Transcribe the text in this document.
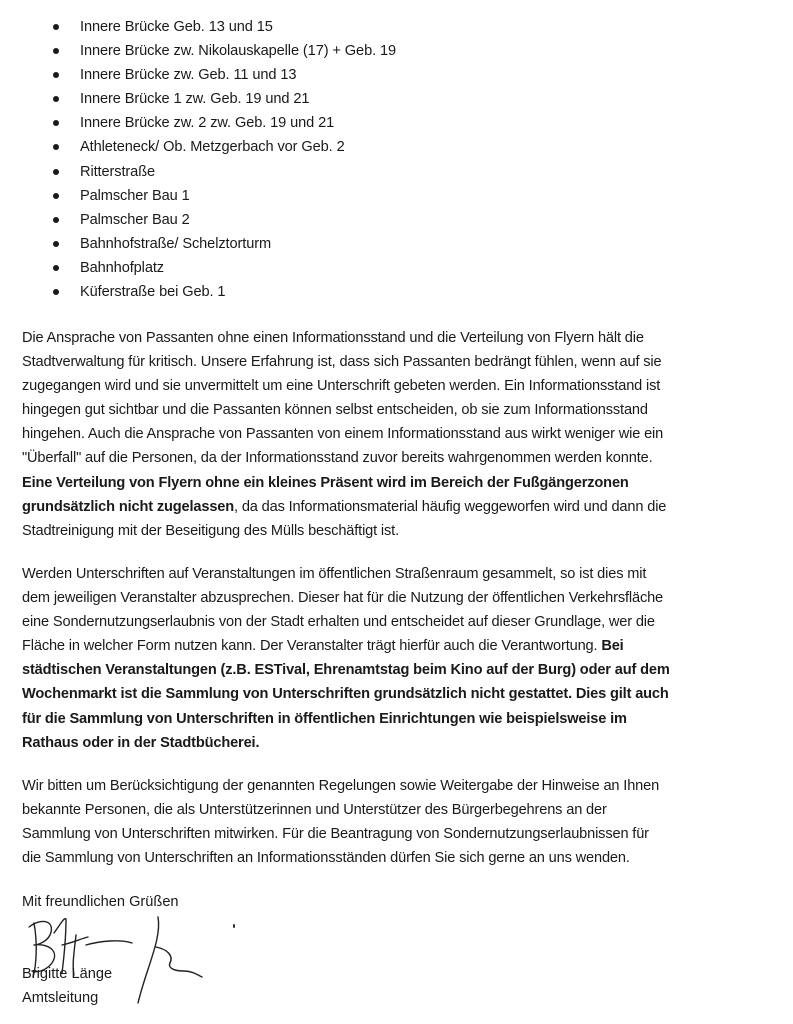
Innere Brücke Geb. 13 und 15
Innere Brücke zw. Nikolauskapelle (17) + Geb. 19
Innere Brücke zw. Geb. 11 und 13
Innere Brücke 1 zw. Geb. 19 und 21
Innere Brücke zw. 2 zw. Geb. 19 und 21
Athleteneck/ Ob. Metzgerbach vor Geb. 2
Ritterstraße
Palmscher Bau 1
Palmscher Bau 2
Bahnhofstraße/ Schelztorturm
Bahnhofplatz
Küferstraße bei Geb. 1

Die Ansprache von Passanten ohne einen Informationsstand und die Verteilung von Flyern hält die
Stadtverwaltung für kritisch. Unsere Erfahrung ist, dass sich Passanten bedrängt fühlen, wenn auf sie
zugegangen wird und sie unvermittelt um eine Unterschrift gebeten werden. Ein Informationsstand ist
hingegen gut sichtbar und die Passanten können selbst entscheiden, ob sie zum Informationsstand
hingehen. Auch die Ansprache von Passanten von einem Informationsstand aus wirkt weniger wie ein
"Überfall" auf die Personen, da der Informationsstand zuvor bereits wahrgenommen werden konnte.
Eine Verteilung von Flyern ohne ein kleines Präsent wird im Bereich der Fußgängerzonen
grundsätzlich nicht zugelassen, da das Informationsmaterial häufig weggeworfen wird und dann die
Stadtreinigung mit der Beseitigung des Mülls beschäftigt ist.

Werden Unterschriften auf Veranstaltungen im öffentlichen Straßenraum gesammelt, so ist dies mit
dem jeweiligen Veranstalter abzusprechen. Dieser hat für die Nutzung der öffentlichen Verkehrsfläche
eine Sondernutzungserlaubnis von der Stadt erhalten und entscheidet auf dieser Grundlage, wer die
Fläche in welcher Form nutzen kann. Der Veranstalter trägt hierfür auch die Verantwortung. Bei
städtischen Veranstaltungen (z.B. ESTival, Ehrenamtstag beim Kino auf der Burg) oder auf dem
Wochenmarkt ist die Sammlung von Unterschriften grundsätzlich nicht gestattet. Dies gilt auch
für die Sammlung von Unterschriften in öffentlichen Einrichtungen wie beispielsweise im
Rathaus oder in der Stadtbücherei.

Wir bitten um Berücksichtigung der genannten Regelungen sowie Weitergabe der Hinweise an Ihnen
bekannte Personen, die als Unterstützerinnen und Unterstützer des Bürgerbegehrens an der
Sammlung von Unterschriften mitwirken. Für die Beantragung von Sondernutzungserlaubnissen für
die Sammlung von Unterschriften an Informationsständen dürfen Sie sich gerne an uns wenden.

Mit freundlichen Grüßen
Brigitte Länge
Amtsleitung
